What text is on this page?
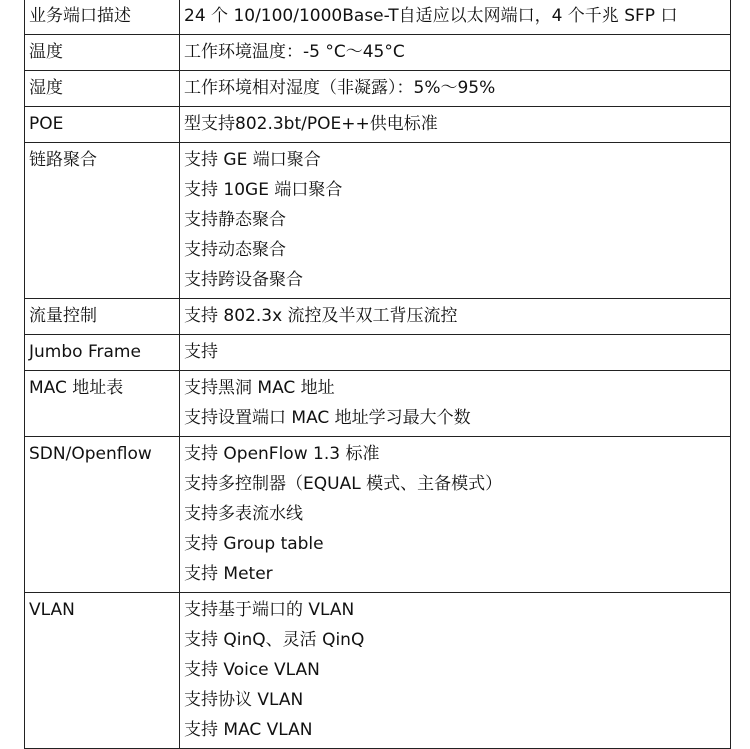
业务端口描述	24 个 10/100/1000Base-T自适应以太网端口，4 个千兆 SFP 口

温度	工作环境温度：-5 °C～45°C

湿度	工作环境相对湿度（非凝露）：5%～95%

POE	型支持802.3bt/POE++供电标准

链路聚合	支持 GE 端口聚合
支持 10GE 端口聚合
支持静态聚合
支持动态聚合
支持跨设备聚合

流量控制	支持 802.3x 流控及半双工背压流控

Jumbo Frame	支持

MAC 地址表	支持黑洞 MAC 地址
支持设置端口 MAC 地址学习最大个数

SDN/Openflow	支持 OpenFlow 1.3 标准
支持多控制器（EQUAL 模式、主备模式）
支持多表流水线
支持 Group table
支持 Meter

VLAN	支持基于端口的 VLAN
支持 QinQ、灵活 QinQ
支持 Voice VLAN
支持协议 VLAN
支持 MAC VLAN
